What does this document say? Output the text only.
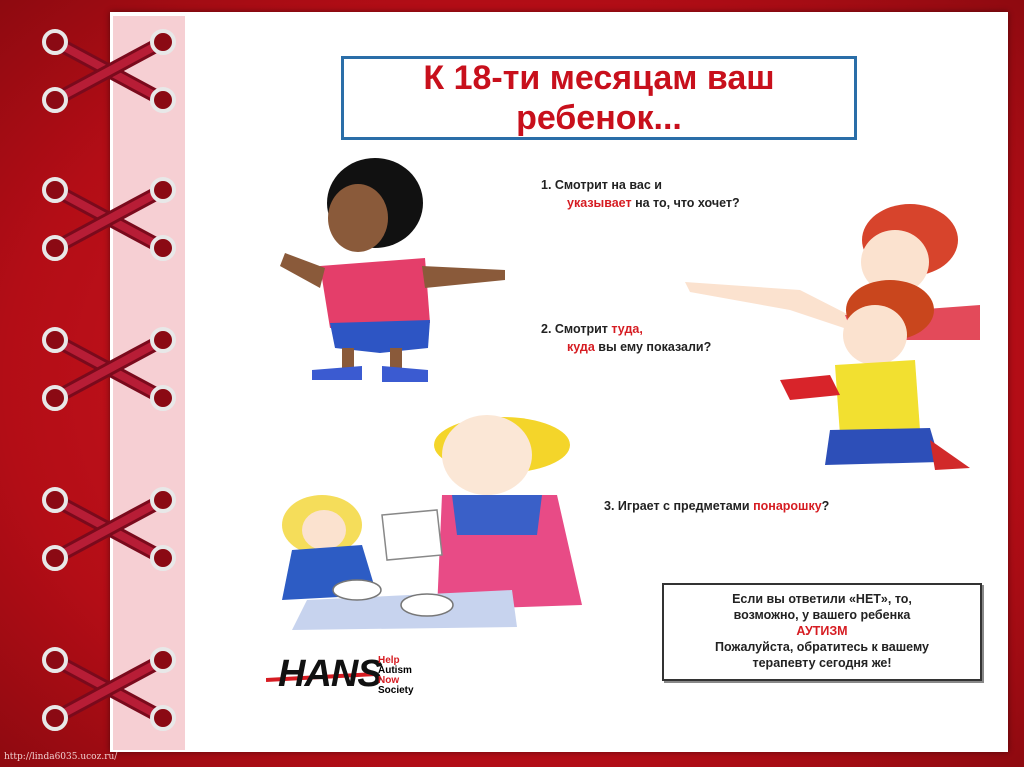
К 18-ти месяцам ваш
ребенок...
1. Смотрит на вас и
указывает на то, что хочет?
2. Смотрит туда,
куда вы ему показали?
3. Играет с предметами понарошку?
Если вы ответили «НЕТ», то,
возможно, у вашего ребенка
АУТИЗМ
Пожалуйста, обратитесь к вашему
терапевту сегодня же!
HANS
Help
Autism
Now
Society
http://linda6035.ucoz.ru/
